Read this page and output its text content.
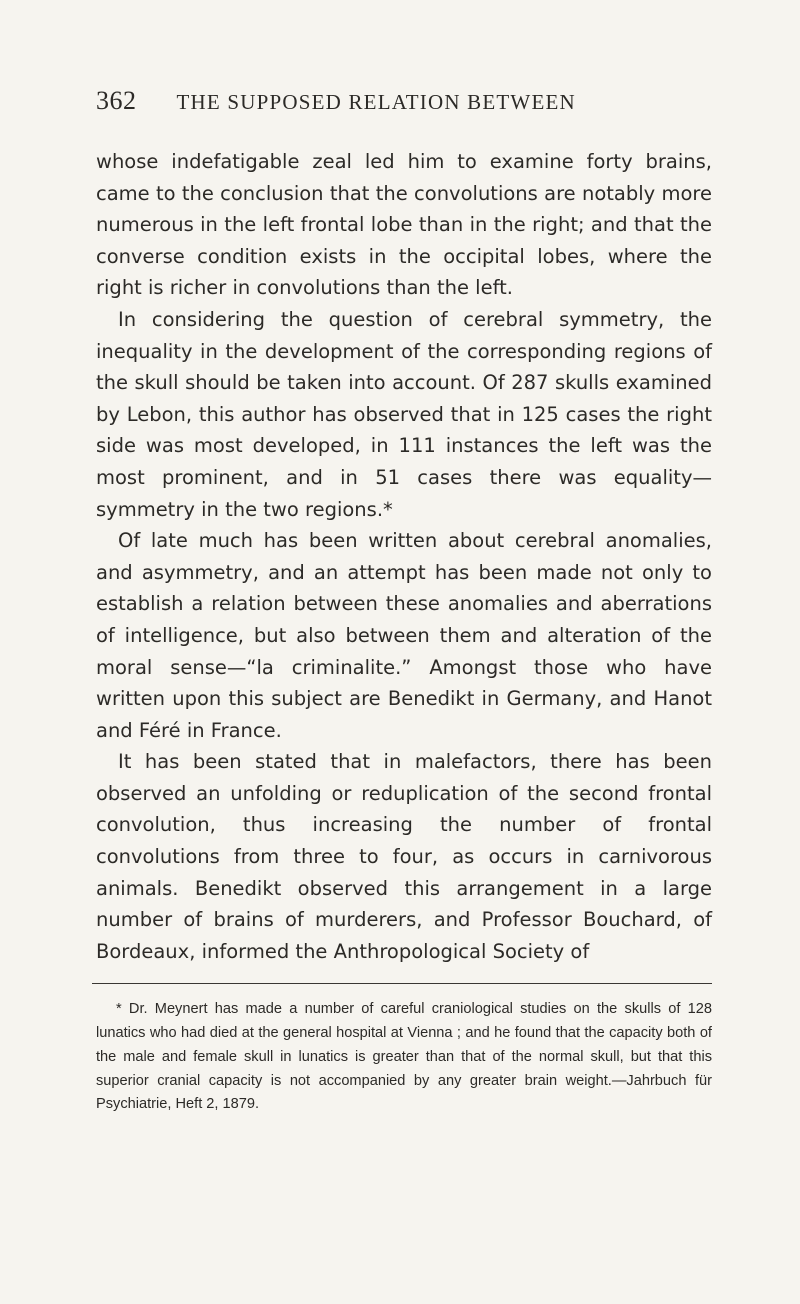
362 THE SUPPOSED RELATION BETWEEN

whose indefatigable zeal led him to examine forty brains, came to the conclusion that the convolutions are notably more numerous in the left frontal lobe than in the right; and that the converse condition exists in the occipital lobes, where the right is richer in convolutions than the left.

In considering the question of cerebral symmetry, the inequality in the development of the corresponding regions of the skull should be taken into account. Of 287 skulls examined by Lebon, this author has observed that in 125 cases the right side was most developed, in 111 instances the left was the most prominent, and in 51 cases there was equality—symmetry in the two regions.*

Of late much has been written about cerebral anomalies, and asymmetry, and an attempt has been made not only to establish a relation between these anomalies and aberrations of intelligence, but also between them and alteration of the moral sense—“la criminalite.” Amongst those who have written upon this subject are Benedikt in Germany, and Hanot and Féré in France.

It has been stated that in malefactors, there has been observed an unfolding or reduplication of the second frontal convolution, thus increasing the number of frontal convolutions from three to four, as occurs in carnivorous animals. Benedikt observed this arrangement in a large number of brains of murderers, and Professor Bouchard, of Bordeaux, informed the Anthropological Society of

* Dr. Meynert has made a number of careful craniological studies on the skulls of 128 lunatics who had died at the general hospital at Vienna ; and he found that the capacity both of the male and female skull in lunatics is greater than that of the normal skull, but that this superior cranial capacity is not accompanied by any greater brain weight.—Jahrbuch für Psychiatrie, Heft 2, 1879.
